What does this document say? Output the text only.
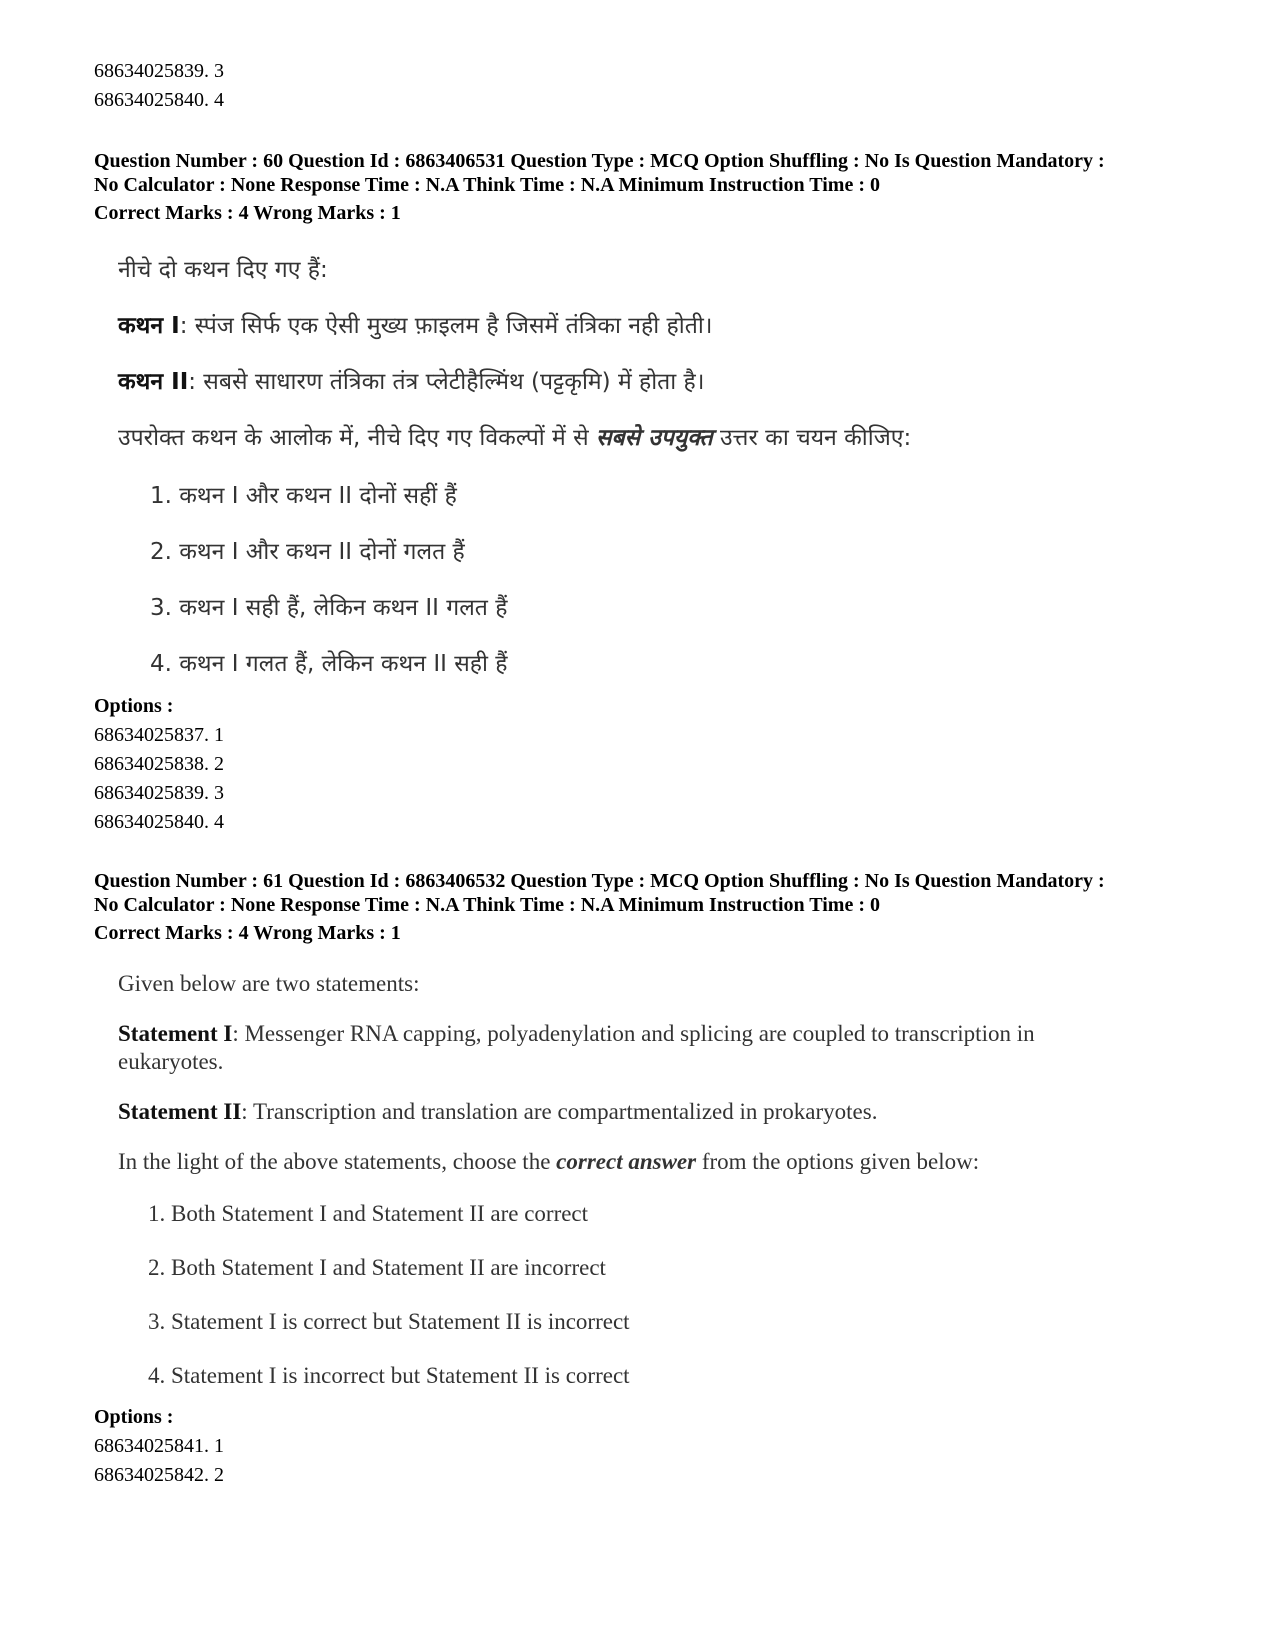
68634025839. 3
68634025840. 4
Question Number : 60 Question Id : 6863406531 Question Type : MCQ Option Shuffling : No Is Question Mandatory :
No Calculator : None Response Time : N.A Think Time : N.A Minimum Instruction Time : 0
Correct Marks : 4 Wrong Marks : 1

नीचे दो कथन दिए गए हैं:

कथन I: स्पंज सिर्फ एक ऐसी मुख्य फ़ाइलम है जिसमें तंत्रिका नही होती।

कथन II: सबसे साधारण तंत्रिका तंत्र प्लेटीहैल्मिंथ (पट्टकृमि) में होता है।

उपरोक्त कथन के आलोक में, नीचे दिए गए विकल्पों में से सबसे उपयुक्त उत्तर का चयन कीजिए:

1. कथन I और कथन II दोनों सहीं हैं
2. कथन I और कथन II दोनों गलत हैं
3. कथन I सही हैं, लेकिन कथन II गलत हैं
4. कथन I गलत हैं, लेकिन कथन II सही हैं
Options :
68634025837. 1
68634025838. 2
68634025839. 3
68634025840. 4
Question Number : 61 Question Id : 6863406532 Question Type : MCQ Option Shuffling : No Is Question Mandatory :
No Calculator : None Response Time : N.A Think Time : N.A Minimum Instruction Time : 0
Correct Marks : 4 Wrong Marks : 1

Given below are two statements:

Statement I: Messenger RNA capping, polyadenylation and splicing are coupled to transcription in eukaryotes.

Statement II: Transcription and translation are compartmentalized in prokaryotes.

In the light of the above statements, choose the correct answer from the options given below:

1. Both Statement I and Statement II are correct
2. Both Statement I and Statement II are incorrect
3. Statement I is correct but Statement II is incorrect
4. Statement I is incorrect but Statement II is correct
Options :
68634025841. 1
68634025842. 2
